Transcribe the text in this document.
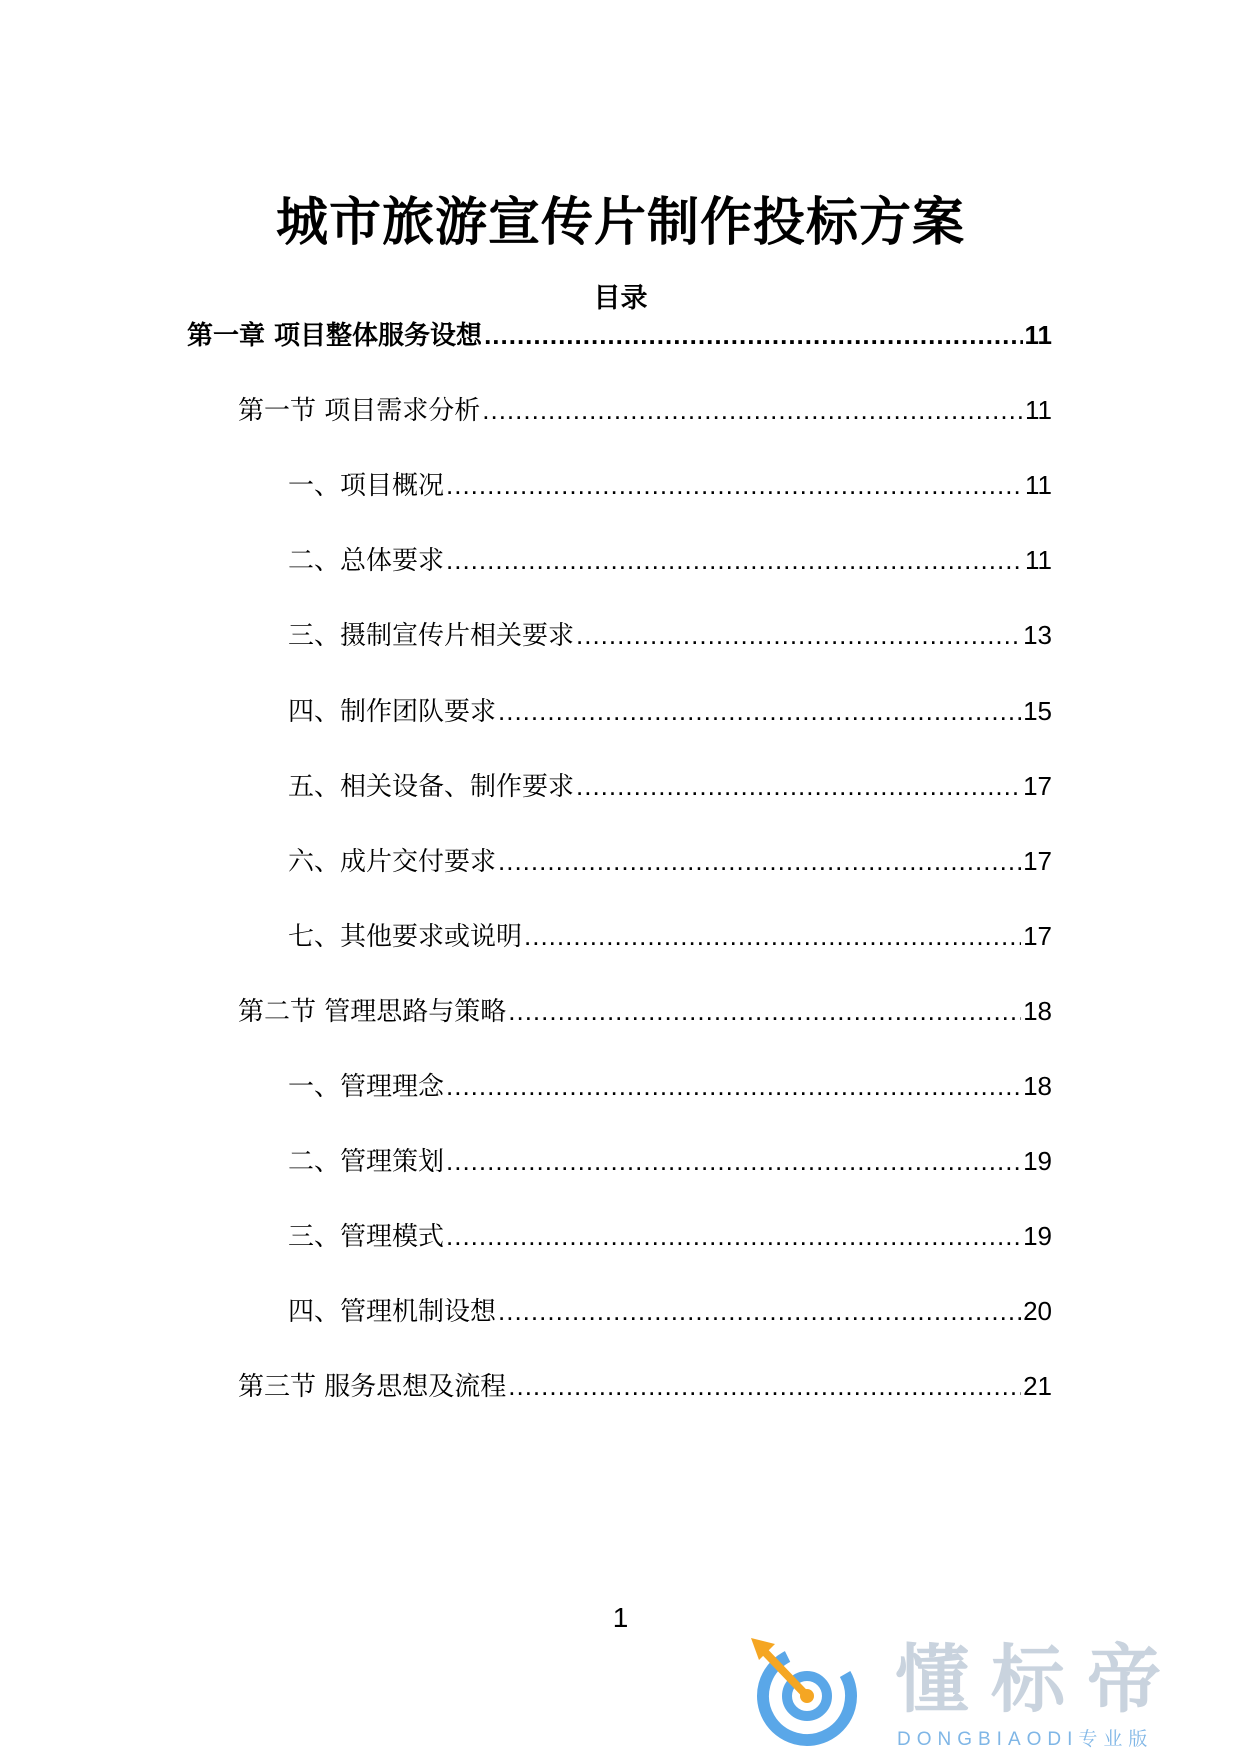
城市旅游宣传片制作投标方案
目录
第一章 项目整体服务设想 .....	11
第一节 项目需求分析 .....	11
一、项目概况 .....	11
二、总体要求 .....	11
三、摄制宣传片相关要求 .....	13
四、制作团队要求 .....	15
五、相关设备、制作要求 .....	17
六、成片交付要求 .....	17
七、其他要求或说明 .....	17
第二节 管理思路与策略 .....	18
一、管理理念 .....	18
二、管理策划 .....	19
三、管理模式 .....	19
四、管理机制设想 .....	20
第三节 服务思想及流程 .....	21
1
懂标帝
DONGBIAODI专业版
